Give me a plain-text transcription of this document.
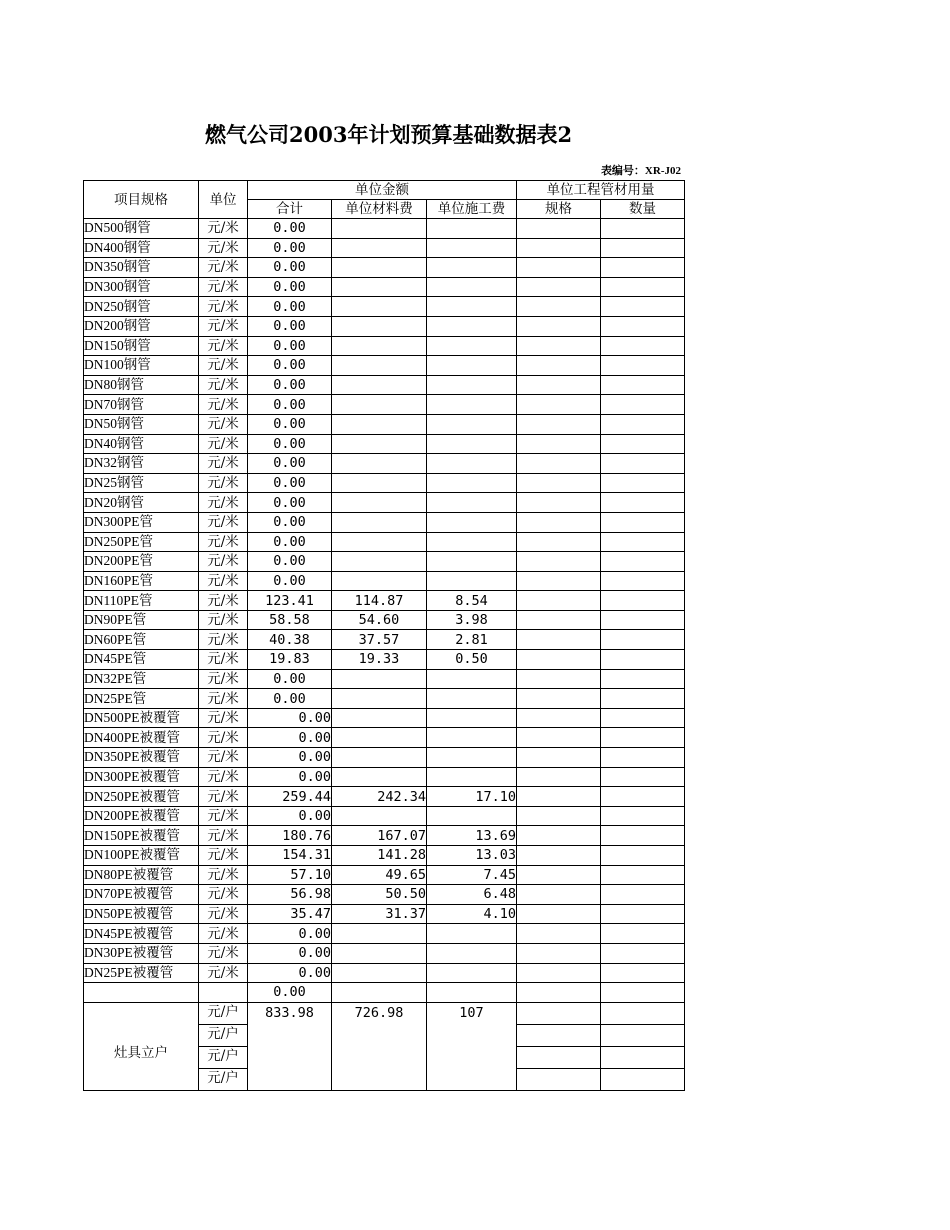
燃气公司2003年计划预算基础数据表2
表编号：XR-J02
项目规格	单位	单位金额			单位工程管材用量	
		合计	单位材料费	单位施工费	规格	数量
DN500钢管	元/米	0.00				
DN400钢管	元/米	0.00				
DN350钢管	元/米	0.00				
DN300钢管	元/米	0.00				
DN250钢管	元/米	0.00				
DN200钢管	元/米	0.00				
DN150钢管	元/米	0.00				
DN100钢管	元/米	0.00				
DN80钢管	元/米	0.00				
DN70钢管	元/米	0.00				
DN50钢管	元/米	0.00				
DN40钢管	元/米	0.00				
DN32钢管	元/米	0.00				
DN25钢管	元/米	0.00				
DN20钢管	元/米	0.00				
DN300PE管	元/米	0.00				
DN250PE管	元/米	0.00				
DN200PE管	元/米	0.00				
DN160PE管	元/米	0.00				
DN110PE管	元/米	123.41	114.87	8.54		
DN90PE管	元/米	58.58	54.60	3.98		
DN60PE管	元/米	40.38	37.57	2.81		
DN45PE管	元/米	19.83	19.33	0.50		
DN32PE管	元/米	0.00				
DN25PE管	元/米	0.00				
DN500PE被覆管	元/米	0.00				
DN400PE被覆管	元/米	0.00				
DN350PE被覆管	元/米	0.00				
DN300PE被覆管	元/米	0.00				
DN250PE被覆管	元/米	259.44	242.34	17.10		
DN200PE被覆管	元/米	0.00				
DN150PE被覆管	元/米	180.76	167.07	13.69		
DN100PE被覆管	元/米	154.31	141.28	13.03		
DN80PE被覆管	元/米	57.10	49.65	7.45		
DN70PE被覆管	元/米	56.98	50.50	6.48		
DN50PE被覆管	元/米	35.47	31.37	4.10		
DN45PE被覆管	元/米	0.00				
DN30PE被覆管	元/米	0.00				
DN25PE被覆管	元/米	0.00				
		0.00				
灶具立户	元/户	833.98	726.98	107		
	元/户					
	元/户					
	元/户					
